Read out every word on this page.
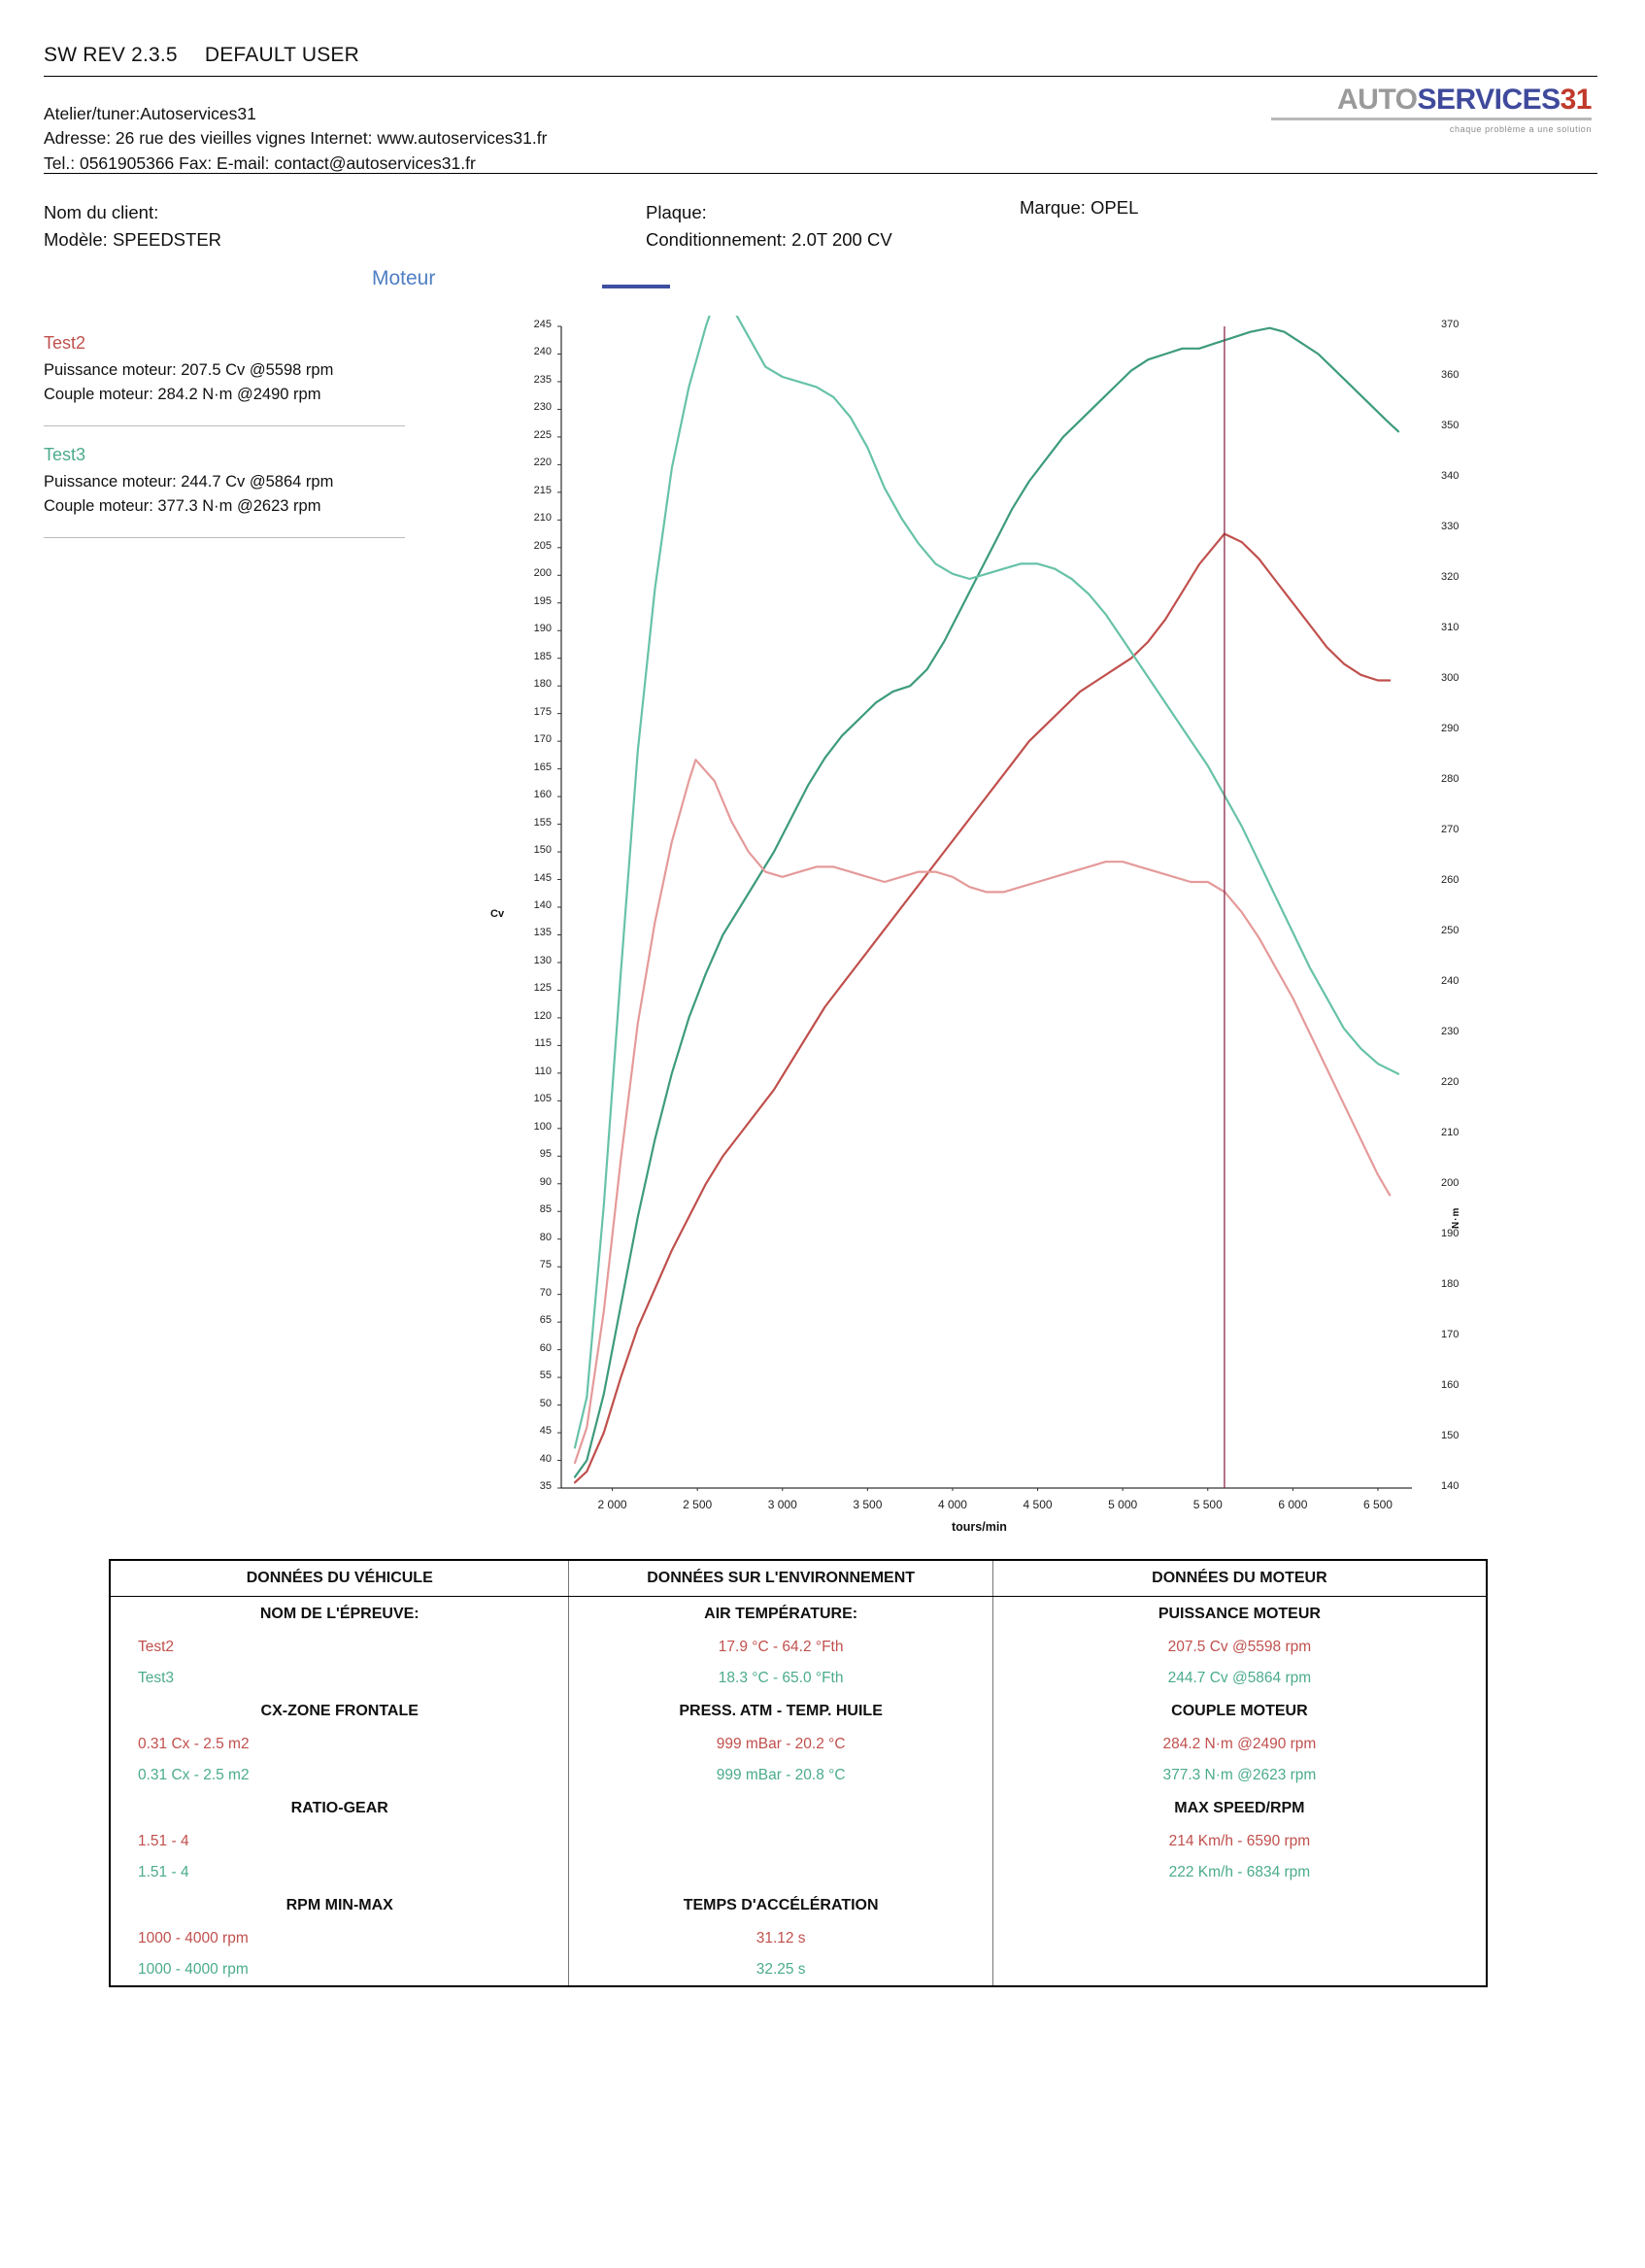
SW REV 2.3.5 DEFAULT USER
Atelier/tuner:Autoservices31
Adresse: 26 rue des vieilles vignes Internet: www.autoservices31.fr
Tel.: 0561905366 Fax: E-mail: contact@autoservices31.fr
AUTOSERVICES31
chaque problème a une solution
Nom du client:
Modèle: SPEEDSTER
Plaque:
Conditionnement: 2.0T 200 CV
Marque: OPEL
Moteur
Test2
Puissance moteur: 207.5 Cv @5598 rpm
Couple moteur: 284.2 N·m @2490 rpm
Test3
Puissance moteur: 244.7 Cv @5864 rpm
Couple moteur: 377.3 N·m @2623 rpm
Cv
N·m
tours/min
35
40
45
50
55
60
65
70
75
80
85
90
95
100
105
110
115
120
125
130
135
140
145
150
155
160
165
170
175
180
185
190
195
200
205
210
215
220
225
230
235
240
245
140
150
160
170
180
190
200
210
220
230
240
250
260
270
280
290
300
310
320
330
340
350
360
370
2 000	2 500	3 000	3 500	4 000	4 500	5 000	5 500	6 000	6 500
DONNÉES DU VÉHICULE	DONNÉES SUR L'ENVIRONNEMENT	DONNÉES DU MOTEUR
NOM DE L'ÉPREUVE:	AIR TEMPÉRATURE:	PUISSANCE MOTEUR
Test2	17.9 °C - 64.2 °Fth	207.5 Cv @5598 rpm
Test3	18.3 °C - 65.0 °Fth	244.7 Cv @5864 rpm
CX-ZONE FRONTALE	PRESS. ATM - TEMP. HUILE	COUPLE MOTEUR
0.31 Cx - 2.5 m2	999 mBar - 20.2 °C	284.2 N·m @2490 rpm
0.31 Cx - 2.5 m2	999 mBar - 20.8 °C	377.3 N·m @2623 rpm
RATIO-GEAR		MAX SPEED/RPM
1.51 - 4		214 Km/h - 6590 rpm
1.51 - 4		222 Km/h - 6834 rpm
RPM MIN-MAX	TEMPS D'ACCÉLÉRATION	
1000 - 4000 rpm	31.12 s	
1000 - 4000 rpm	32.25 s	
